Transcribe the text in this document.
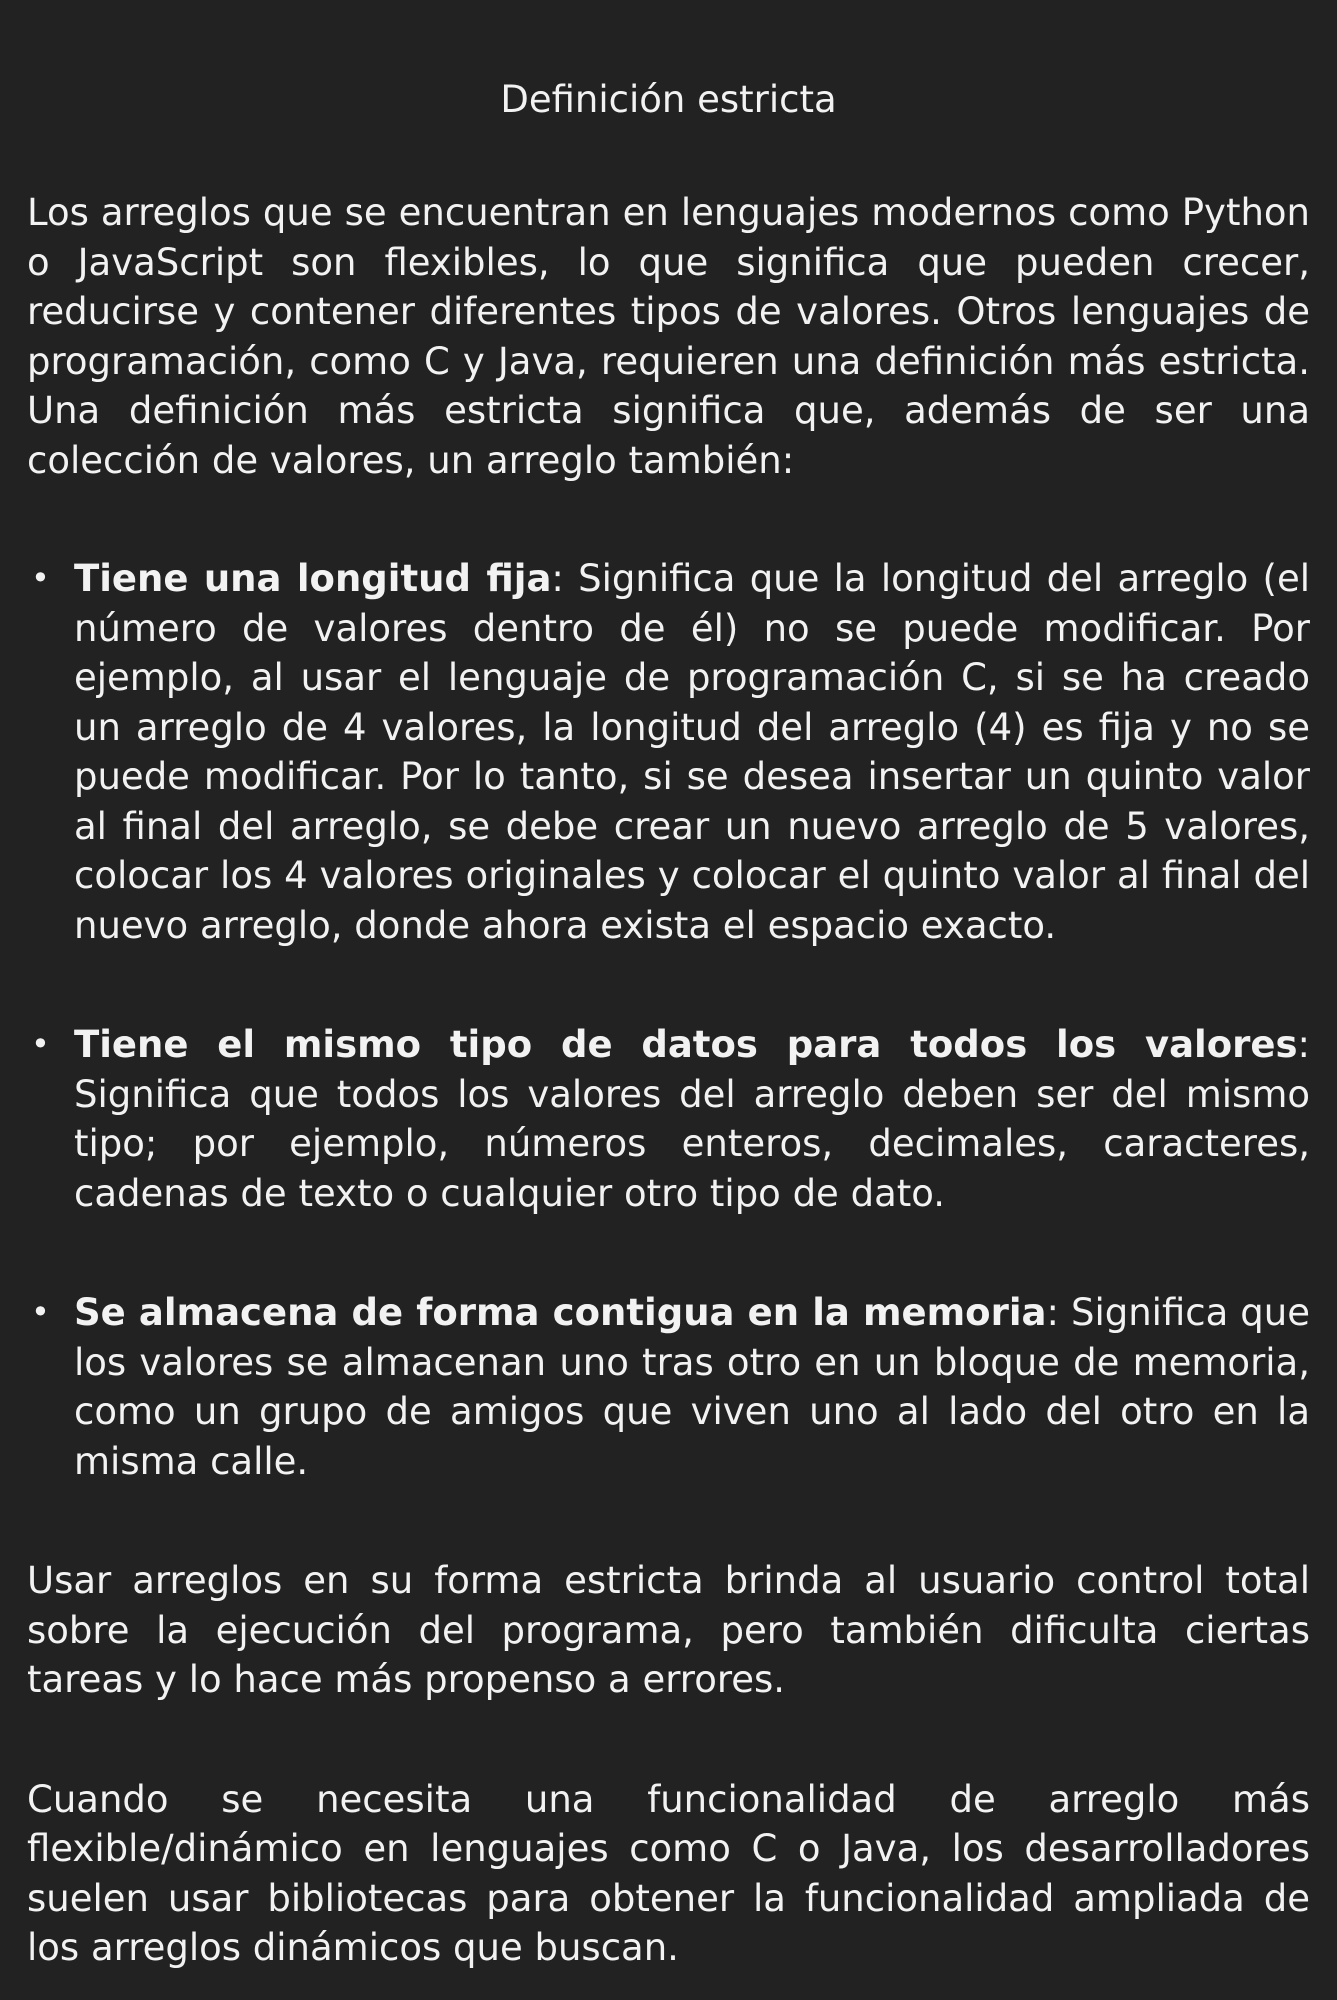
Definición estricta

Los arreglos que se encuentran en lenguajes modernos como Python o JavaScript son flexibles, lo que significa que pueden crecer, reducirse y contener diferentes tipos de valores. Otros lenguajes de programación, como C y Java, requieren una definición más estricta. Una definición más estricta significa que, además de ser una colección de valores, un arreglo también:

• Tiene una longitud fija: Significa que la longitud del arreglo (el número de valores dentro de él) no se puede modificar. Por ejemplo, al usar el lenguaje de programación C, si se ha creado un arreglo de 4 valores, la longitud del arreglo (4) es fija y no se puede modificar. Por lo tanto, si se desea insertar un quinto valor al final del arreglo, se debe crear un nuevo arreglo de 5 valores, colocar los 4 valores originales y colocar el quinto valor al final del nuevo arreglo, donde ahora exista el espacio exacto.
• Tiene el mismo tipo de datos para todos los valores: Significa que todos los valores del arreglo deben ser del mismo tipo; por ejemplo, números enteros, decimales, caracteres, cadenas de texto o cualquier otro tipo de dato.
• Se almacena de forma contigua en la memoria: Significa que los valores se almacenan uno tras otro en un bloque de memoria, como un grupo de amigos que viven uno al lado del otro en la misma calle.

Usar arreglos en su forma estricta brinda al usuario control total sobre la ejecución del programa, pero también dificulta ciertas tareas y lo hace más propenso a errores.

Cuando se necesita una funcionalidad de arreglo más flexible/dinámico en lenguajes como C o Java, los desarrolladores suelen usar bibliotecas para obtener la funcionalidad ampliada de los arreglos dinámicos que buscan.
